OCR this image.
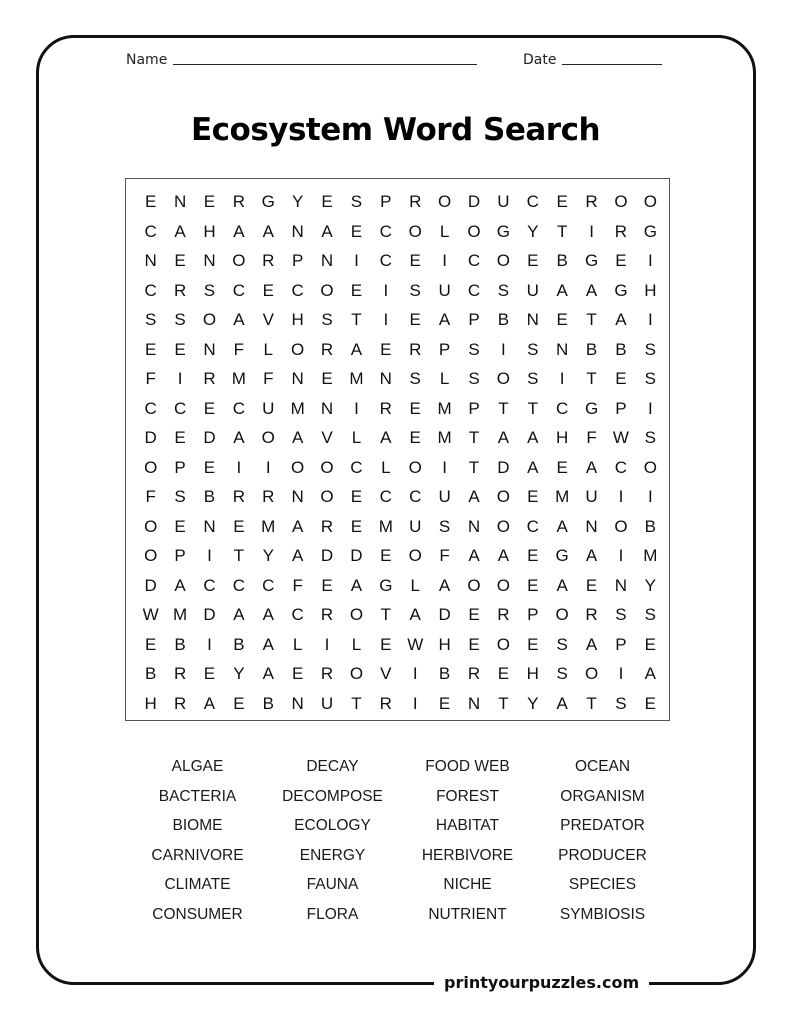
Name	Date
Ecosystem Word Search
E	N	E	R G	Y	E	S	P	R O D	U	C	E	R O O
C	A	H	A	A	N	A	E	C O	L	O G	Y	T	I	R G
N	E	N O R	P	N	I	C	E	I	C O	E	B	G	E	I
C	R	S	C	E	C O	E	I	S	U	C	S	U	A	A	G H
S	S	O	A	V	H	S	T	I	E	A	P	B	N	E	T	A	I
E	E	N	F	L	O R	A	E	R	P	S	I	S	N	B	B	S
F	I	R M	F	N	E M N	S	L	S	O	S	I	T	E	S
C	C	E	C	U M N	I	R	E M P	T	T	C G	P	I
D	E	D	A	O	A	V	L	A	E M	T	A	A	H	F W S
O	P	E	I	I	O O C	L	O	I	T	D	A	E	A	C O
F	S	B	R	R	N O	E	C	C	U	A	O	E M U	I	I
O	E	N	E M A	R	E M U	S	N O C	A	N O	B
O	P	I	T	Y	A	D	D	E	O	F	A	A	E	G	A	I	M
D	A	C	C	C	F	E	A	G	L	A	O O	E	A	E	N	Y
W M D	A	A	C	R O	T	A	D	E	R	P	O R	S	S
E	B	I	B	A	L	I	L	E W H	E	O	E	S	A	P	E
B	R	E	Y	A	E	R O	V	I	B	R	E	H	S	O	I	A
H	R	A	E	B	N	U	T	R	I	E	N	T	Y	A	T	S	E
ALGAE	DECAY	FOOD WEB	OCEAN
BACTERIA	DECOMPOSE	FOREST	ORGANISM
BIOME	ECOLOGY	HABITAT	PREDATOR
CARNIVORE	ENERGY	HERBIVORE	PRODUCER
CLIMATE	FAUNA	NICHE	SPECIES
CONSUMER	FLORA	NUTRIENT	SYMBIOSIS
printyourpuzzles.com
